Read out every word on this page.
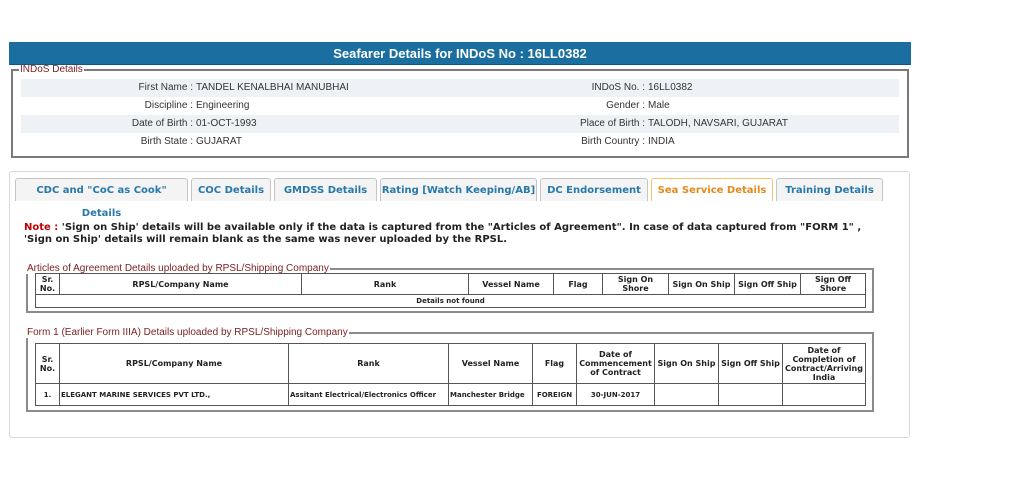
Seafarer Details for INDoS No : 16LL0382
INDoS Details
First Name : TANDEL KENALBHAI MANUBHAI	INDoS No. : 16LL0382
Discipline : Engineering	Gender : Male
Date of Birth : 01-OCT-1993	Place of Birth : TALODH, NAVSARI, GUJARAT
Birth State : GUJARAT	Birth Country : INDIA
CDC and "CoC as Cook" Details
COC Details	GMDSS Details	Rating [Watch Keeping/AB]	DC Endorsement	Sea Service Details	Training Details
Note : 'Sign on Ship' details will be available only if the data is captured from the "Articles of Agreement". In case of data captured from "FORM 1" , 'Sign on Ship' details will remain blank as the same was never uploaded by the RPSL.
Articles of Agreement Details uploaded by RPSL/Shipping Company
Sr. No.	RPSL/Company Name	Rank	Vessel Name	Flag	Sign On Shore	Sign On Ship	Sign Off Ship	Sign Off Shore
Details not found
Form 1 (Earlier Form IIIA) Details uploaded by RPSL/Shipping Company
Sr. No.	RPSL/Company Name	Rank	Vessel Name	Flag	Date of Commencement of Contract	Sign On Ship	Sign Off Ship	Date of Completion of Contract/Arriving India
1.	ELEGANT MARINE SERVICES PVT LTD.,	Assitant Electrical/Electronics Officer	Manchester Bridge	FOREIGN	30-JUN-2017			
